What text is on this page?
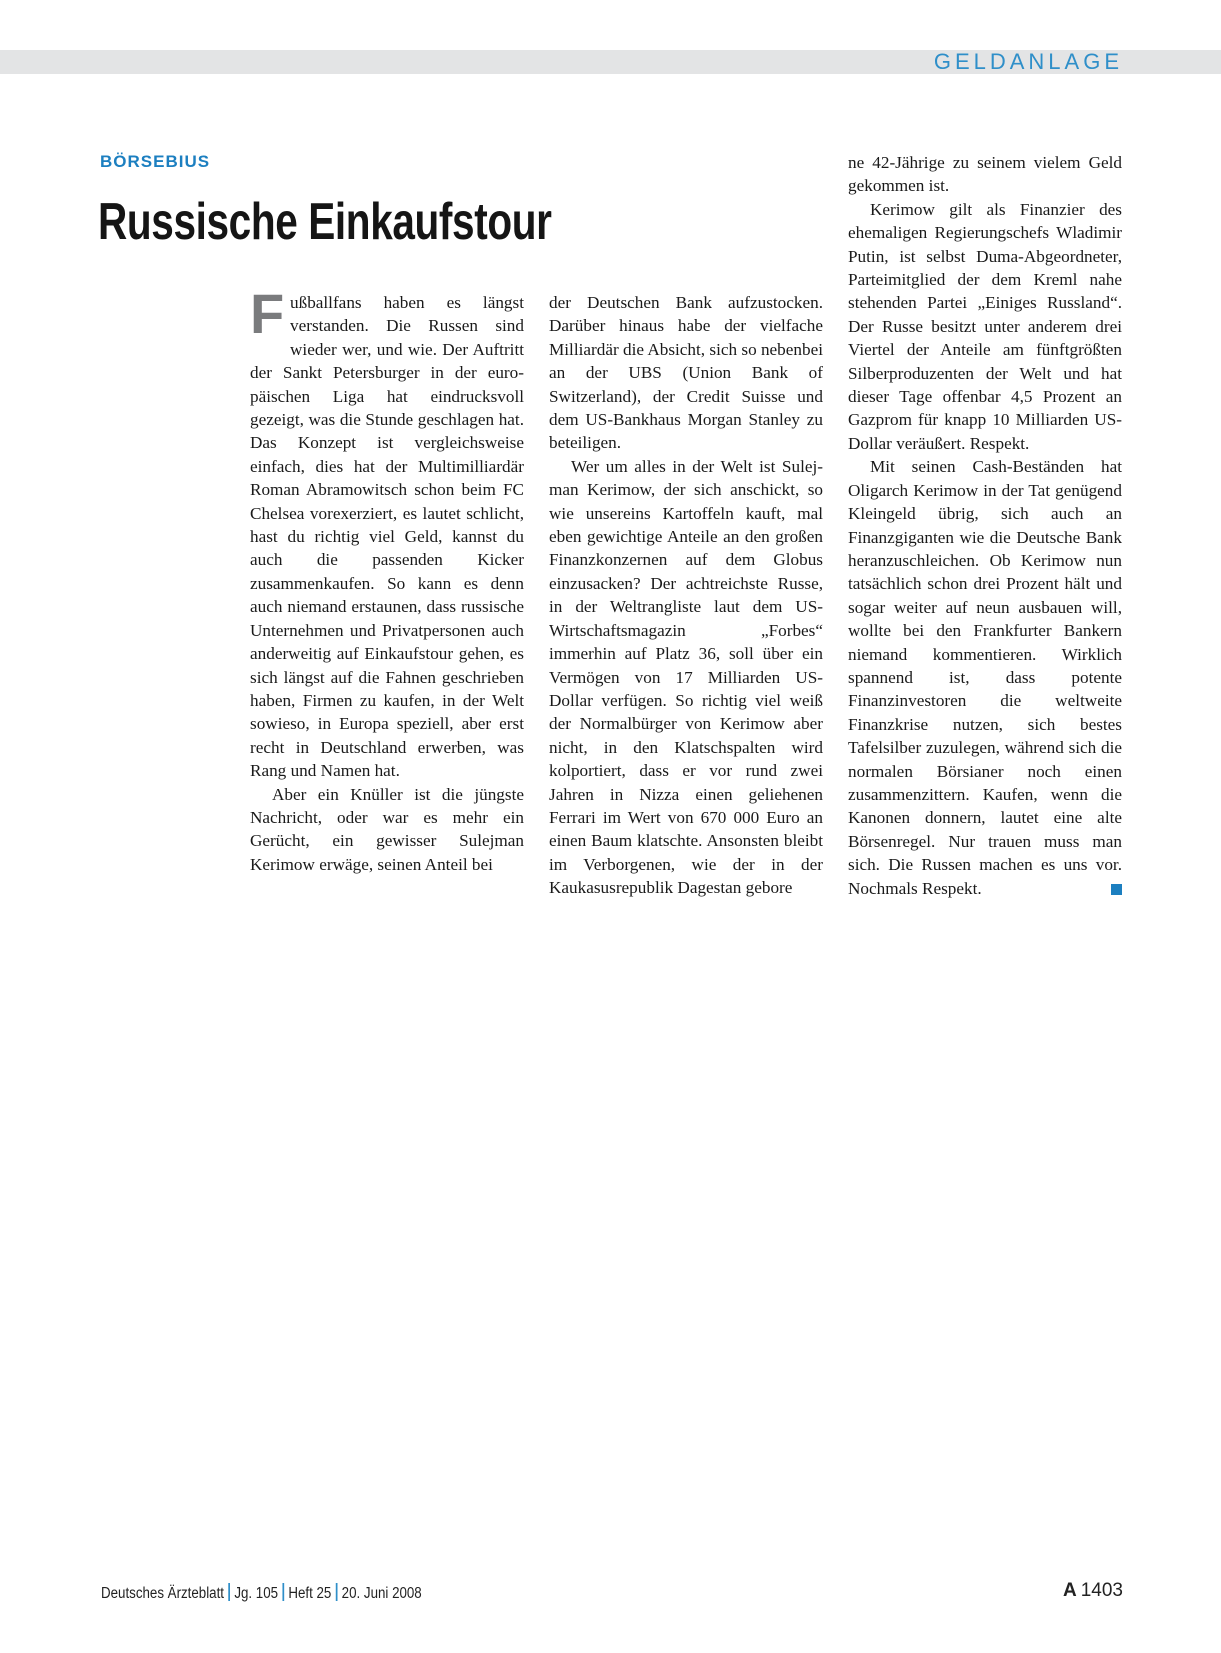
GELDANLAGE
BÖRSEBIUS
Russische Einkaufstour

F ußballfans haben es längst verstanden. Die Russen sind wieder wer, und wie. Der Auftritt der Sankt Petersburger in der europäischen Liga hat eindrucksvoll gezeigt, was die Stunde geschlagen hat. Das Konzept ist vergleichsweise einfach, dies hat der Multimilliardär Roman Abramowitsch schon beim FC Chelsea vorexerziert, es lautet schlicht, hast du richtig viel Geld, kannst du auch die passenden Kicker zusammenkaufen. So kann es denn auch niemand erstaunen, dass russische Unternehmen und Privatpersonen auch anderweitig auf Einkaufstour gehen, es sich längst auf die Fahnen geschrieben haben, Firmen zu kaufen, in der Welt sowieso, in Europa speziell, aber erst recht in Deutschland erwerben, was Rang und Namen hat.

Aber ein Knüller ist die jüngste Nachricht, oder war es mehr ein Gerücht, ein gewisser Sulejman Kerimow erwäge, seinen Anteil bei

der Deutschen Bank aufzustocken. Darüber hinaus habe der vielfache Milliardär die Absicht, sich so nebenbei an der UBS (Union Bank of Switzerland), der Credit Suisse und dem US-Bankhaus Morgan Stanley zu beteiligen.

Wer um alles in der Welt ist Sulejman Kerimow, der sich anschickt, so wie unsereins Kartoffeln kauft, mal eben gewichtige Anteile an den großen Finanzkonzernen auf dem Globus einzusacken? Der achtreichste Russe, in der Weltrangliste laut dem US-Wirtschaftsmagazin „Forbes“ immerhin auf Platz 36, soll über ein Vermögen von 17 Milliarden US-Dollar verfügen. So richtig viel weiß der Normalbürger von Kerimow aber nicht, in den Klatschspalten wird kolportiert, dass er vor rund zwei Jahren in Nizza einen geliehenen Ferrari im Wert von 670 000 Euro an einen Baum klatschte. Ansonsten bleibt im Verborgenen, wie der in der Kaukasusrepublik Dagestan gebore

ne 42-Jährige zu seinem vielem Geld gekommen ist.

Kerimow gilt als Finanzier des ehemaligen Regierungschefs Wladimir Putin, ist selbst Duma-Abgeordneter, Parteimitglied der dem Kreml nahe stehenden Partei „Einiges Russland“. Der Russe besitzt unter anderem drei Viertel der Anteile am fünftgrößten Silberproduzenten der Welt und hat dieser Tage offenbar 4,5 Prozent an Gazprom für knapp 10 Milliarden US-Dollar veräußert. Respekt.

Mit seinen Cash-Beständen hat Oligarch Kerimow in der Tat genügend Kleingeld übrig, sich auch an Finanzgiganten wie die Deutsche Bank heranzuschleichen. Ob Kerimow nun tatsächlich schon drei Prozent hält und sogar weiter auf neun ausbauen will, wollte bei den Frankfurter Bankern niemand kommentieren. Wirklich spannend ist, dass potente Finanzinvestoren die weltweite Finanzkrise nutzen, sich bestes Tafelsilber zuzulegen, während sich die normalen Börsianer noch einen zusammenzittern. Kaufen, wenn die Kanonen donnern, lautet eine alte Börsenregel. Nur trauen muss man sich. Die Russen machen es uns vor. Nochmals Respekt.

Deutsches Ärzteblatt Jg. 105 Heft 25 20. Juni 2008	A 1403
